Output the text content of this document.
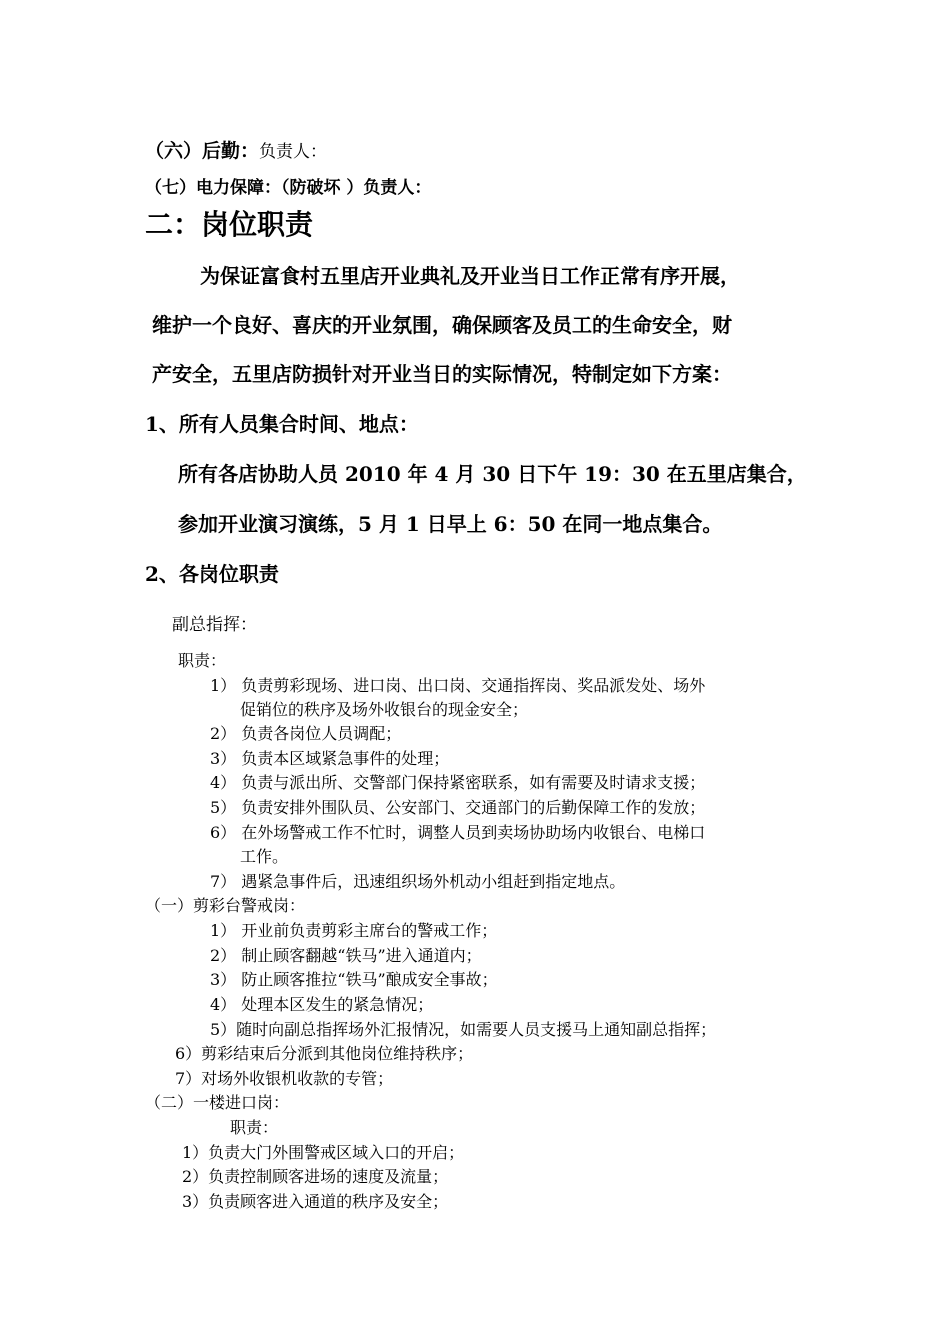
（六）后勤：负责人：
（七）电力保障：（防破坏 ）负责人：
二：岗位职责
为保证富食村五里店开业典礼及开业当日工作正常有序开展，
维护一个良好、喜庆的开业氛围，确保顾客及员工的生命安全，财
产安全，五里店防损针对开业当日的实际情况，特制定如下方案：
1、所有人员集合时间、地点：
所有各店协助人员 2010 年 4 月 30 日下午 19：30 在五里店集合，
参加开业演习演练，5 月 1 日早上 6：50 在同一地点集合。
2、各岗位职责
副总指挥：
职责：
1） 负责剪彩现场、进口岗、出口岗、交通指挥岗、奖品派发处、场外
促销位的秩序及场外收银台的现金安全；
2） 负责各岗位人员调配；
3） 负责本区域紧急事件的处理；
4） 负责与派出所、交警部门保持紧密联系，如有需要及时请求支援；
5） 负责安排外围队员、公安部门、交通部门的后勤保障工作的发放；
6） 在外场警戒工作不忙时，调整人员到卖场协助场内收银台、电梯口
工作。
7） 遇紧急事件后，迅速组织场外机动小组赶到指定地点。
（一）剪彩台警戒岗：
1） 开业前负责剪彩主席台的警戒工作；
2） 制止顾客翻越“铁马”进入通道内；
3） 防止顾客推拉“铁马”酿成安全事故；
4） 处理本区发生的紧急情况；
5）随时向副总指挥场外汇报情况，如需要人员支援马上通知副总指挥；
6）剪彩结束后分派到其他岗位维持秩序；
7）对场外收银机收款的专管；
（二）一楼进口岗：
职责：
1）负责大门外围警戒区域入口的开启；
2）负责控制顾客进场的速度及流量；
3）负责顾客进入通道的秩序及安全；
